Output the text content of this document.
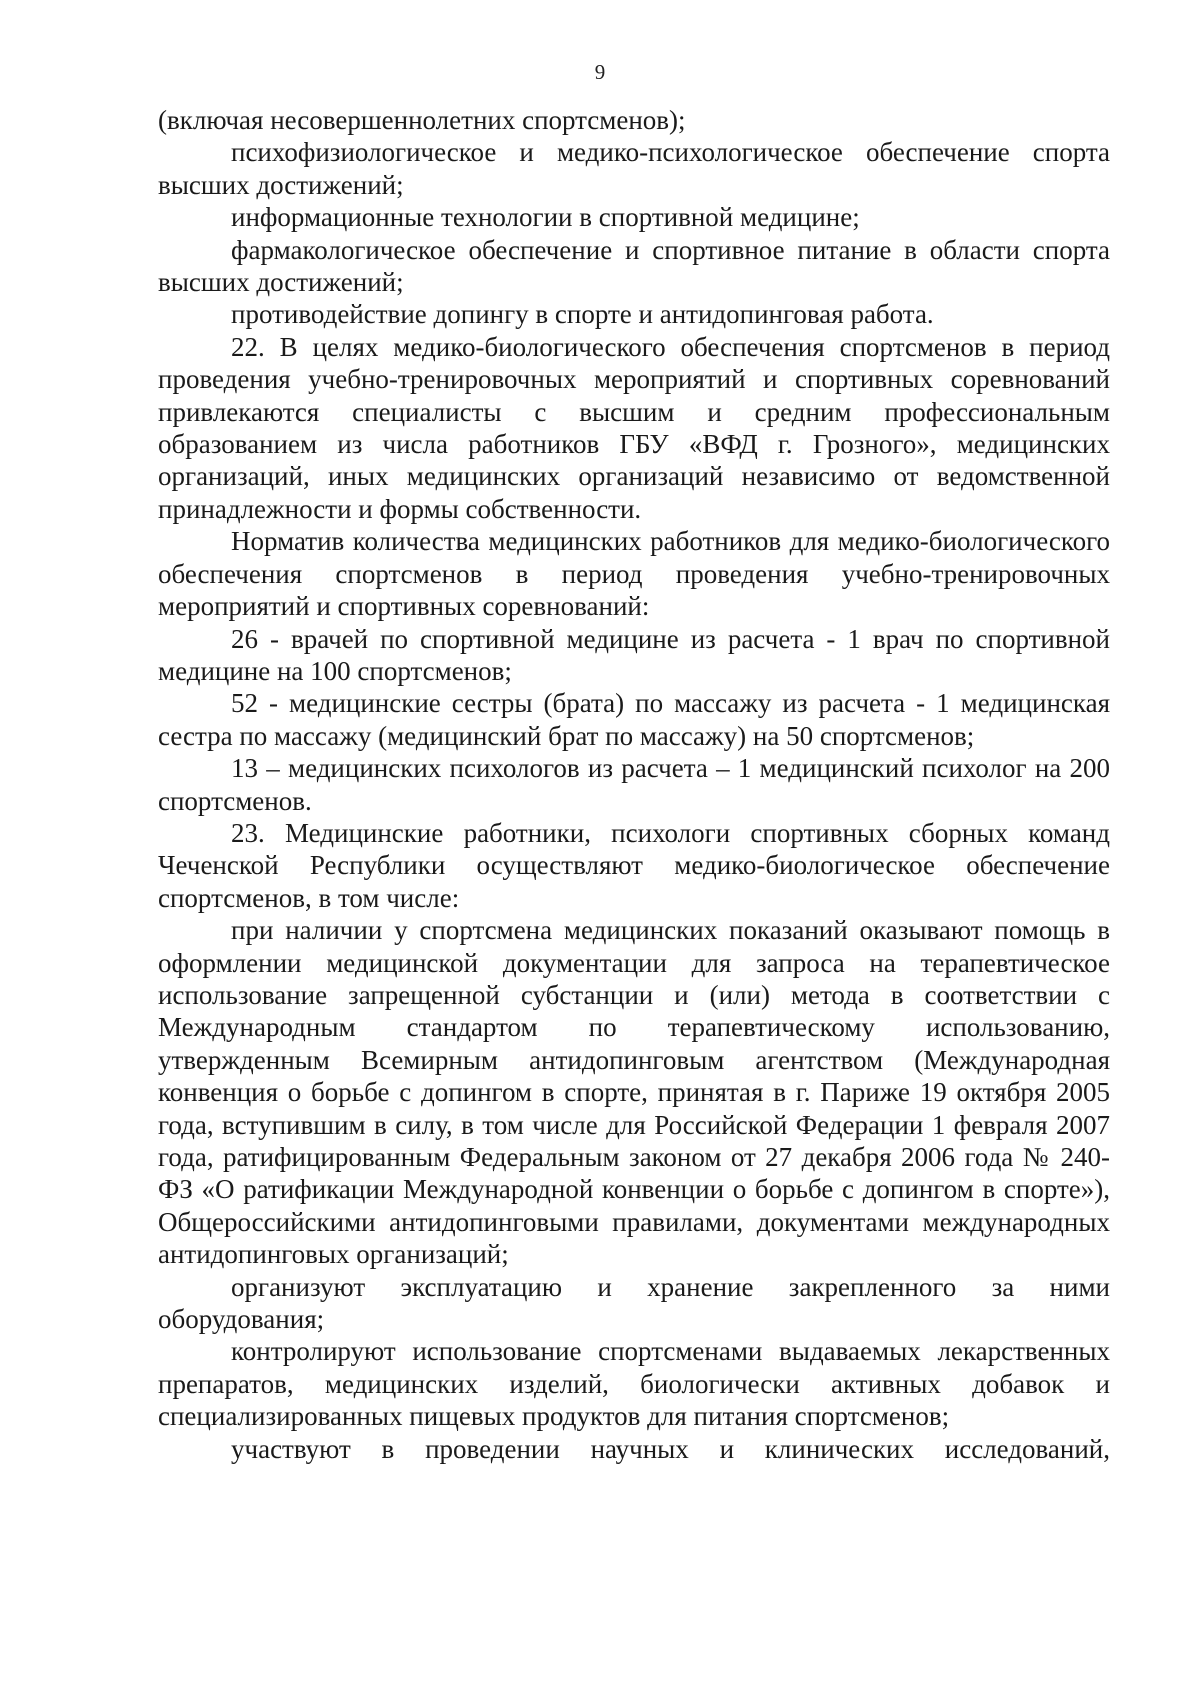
9

(включая несовершеннолетних спортсменов);

психофизиологическое и медико-психологическое обеспечение спорта высших достижений;

информационные технологии в спортивной медицине;

фармакологическое обеспечение и спортивное питание в области спорта высших достижений;

противодействие допингу в спорте и антидопинговая работа.

22. В целях медико-биологического обеспечения спортсменов в период проведения учебно-тренировочных мероприятий и спортивных соревнований привлекаются специалисты с высшим и средним профессиональным образованием из числа работников ГБУ «ВФД г. Грозного», медицинских организаций, иных медицинских организаций независимо от ведомственной принадлежности и формы собственности.

Норматив количества медицинских работников для медико-биологического обеспечения спортсменов в период проведения учебно-тренировочных мероприятий и спортивных соревнований:

26 - врачей по спортивной медицине из расчета - 1 врач по спортивной медицине на 100 спортсменов;

52 - медицинские сестры (брата) по массажу из расчета - 1 медицинская сестра по массажу (медицинский брат по массажу) на 50 спортсменов;

13 – медицинских психологов из расчета – 1 медицинский психолог на 200 спортсменов.

23. Медицинские работники, психологи спортивных сборных команд Чеченской Республики осуществляют медико-биологическое обеспечение спортсменов, в том числе:

при наличии у спортсмена медицинских показаний оказывают помощь в оформлении медицинской документации для запроса на терапевтическое использование запрещенной субстанции и (или) метода в соответствии с Международным стандартом по терапевтическому использованию, утвержденным Всемирным антидопинговым агентством (Международная конвенция о борьбе с допингом в спорте, принятая в г. Париже 19 октября 2005 года, вступившим в силу, в том числе для Российской Федерации 1 февраля 2007 года, ратифицированным Федеральным законом от 27 декабря 2006 года № 240-ФЗ «О ратификации Международной конвенции о борьбе с допингом в спорте»), Общероссийскими антидопинговыми правилами, документами международных антидопинговых организаций;

организуют эксплуатацию и хранение закрепленного за ними оборудования;

контролируют использование спортсменами выдаваемых лекарственных препаратов, медицинских изделий, биологически активных добавок и специализированных пищевых продуктов для питания спортсменов;

участвуют в проведении научных и клинических исследований,
